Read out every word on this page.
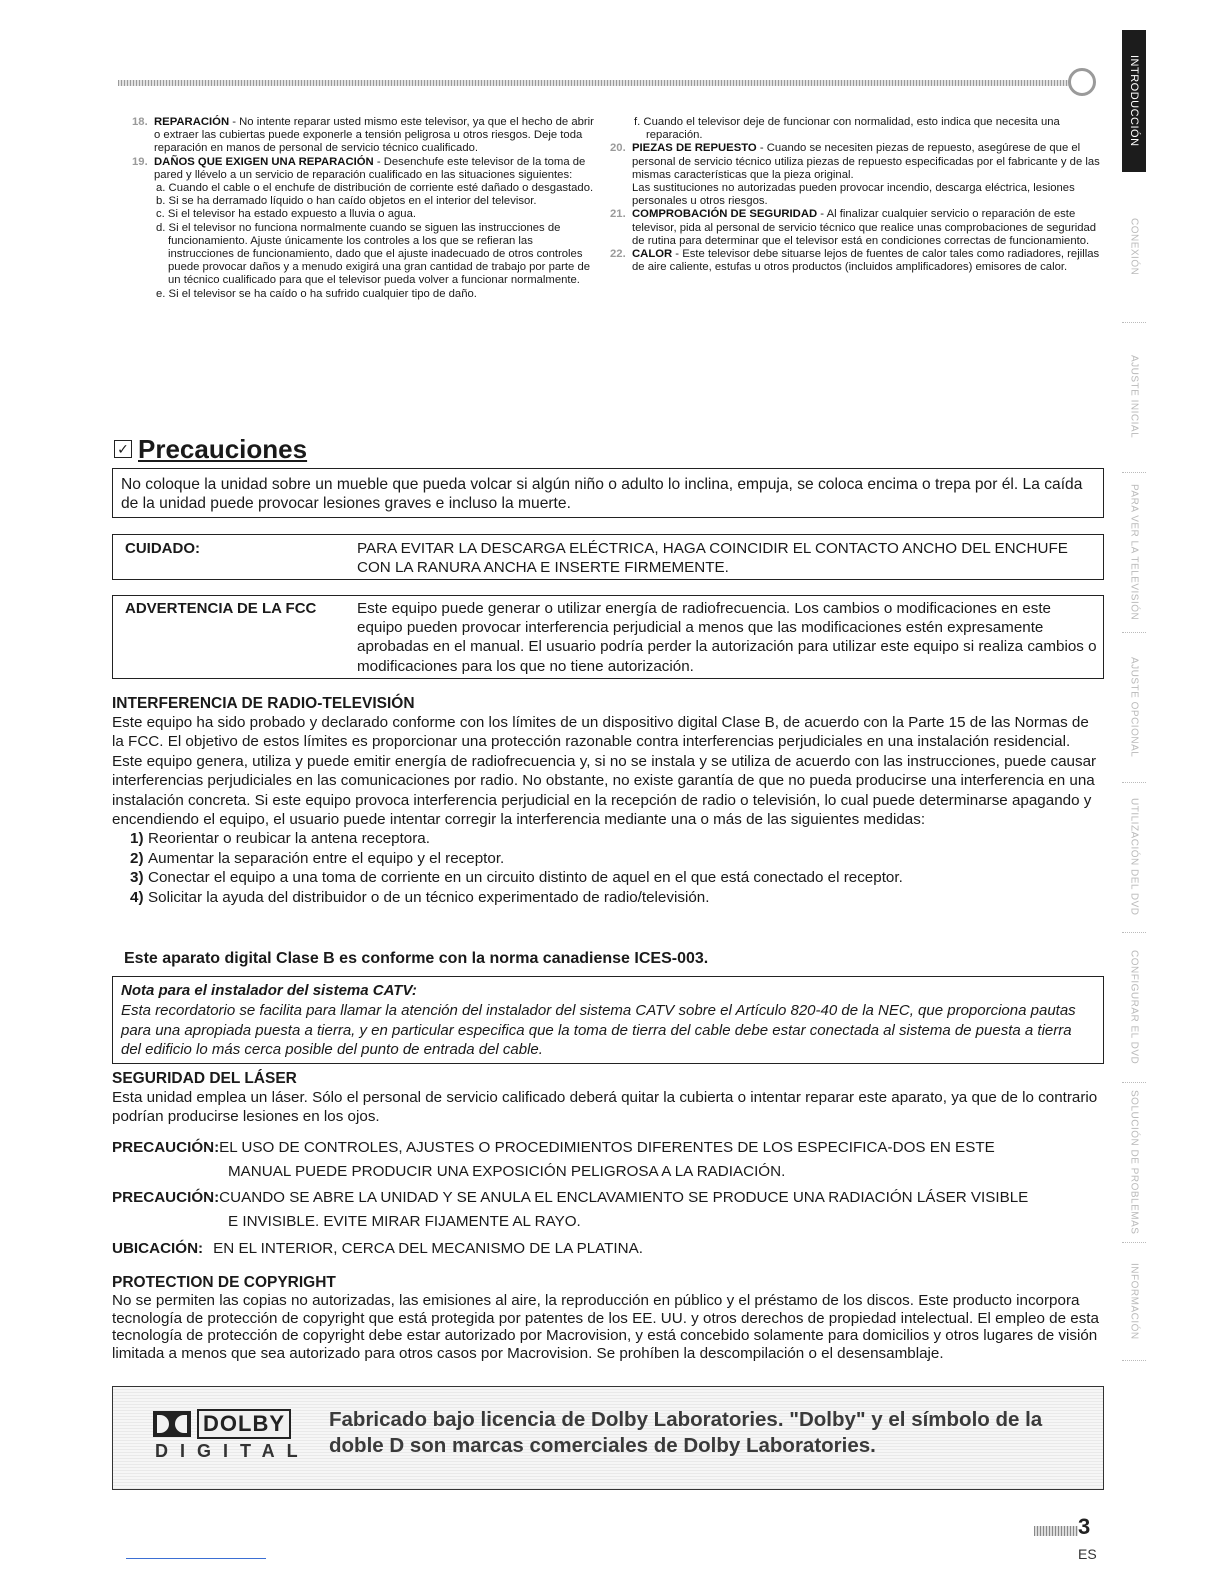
INTRODUCCIÓN
CONEXIÓN
AJUSTE INICIAL
PARA VER LA TELEVISIÓN
AJUSTE OPCIONAL
UTILIZACIÓN DEL DVD
CONFIGURAR EL DVD
SOLUCIÓN DE PROBLEMAS
INFORMACIÓN
18. REPARACIÓN - No intente reparar usted mismo este televisor, ya que el hecho de abrir o extraer las cubiertas puede exponerle a tensión peligrosa u otros riesgos. Deje toda reparación en manos de personal de servicio técnico cualificado.
19. DAÑOS QUE EXIGEN UNA REPARACIÓN - Desenchufe este televisor de la toma de pared y llévelo a un servicio de reparación cualificado en las situaciones siguientes:

a. Cuando el cable o el enchufe de distribución de corriente esté dañado o desgastado.

b. Si se ha derramado líquido o han caído objetos en el interior del televisor.

c. Si el televisor ha estado expuesto a lluvia o agua.

d. Si el televisor no funciona normalmente cuando se siguen las instrucciones de funcionamiento. Ajuste únicamente los controles a los que se refieran las instrucciones de funcionamiento, dado que el ajuste inadecuado de otros controles puede provocar daños y a menudo exigirá una gran cantidad de trabajo por parte de un técnico cualificado para que el televisor pueda volver a funcionar normalmente.

e. Si el televisor se ha caído o ha sufrido cualquier tipo de daño.

f. Cuando el televisor deje de funcionar con normalidad, esto indica que necesita una reparación.

20. PIEZAS DE REPUESTO - Cuando se necesiten piezas de repuesto, asegúrese de que el personal de servicio técnico utiliza piezas de repuesto especificadas por el fabricante y de las mismas características que la pieza original.

Las sustituciones no autorizadas pueden provocar incendio, descarga eléctrica, lesiones personales u otros riesgos.

21. COMPROBACIÓN DE SEGURIDAD - Al finalizar cualquier servicio o reparación de este televisor, pida al personal de servicio técnico que realice unas comprobaciones de seguridad de rutina para determinar que el televisor está en condiciones correctas de funcionamiento.
22. CALOR - Este televisor debe situarse lejos de fuentes de calor tales como radiadores, rejillas de aire caliente, estufas u otros productos (incluidos amplificadores) emisores de calor.
✓ Precauciones
No coloque la unidad sobre un mueble que pueda volcar si algún niño o adulto lo inclina, empuja, se coloca encima o trepa por él. La caída de la unidad puede provocar lesiones graves e incluso la muerte.
CUIDADO:	PARA EVITAR LA DESCARGA ELÉCTRICA, HAGA COINCIDIR EL CONTACTO ANCHO DEL ENCHUFE CON LA RANURA ANCHA E INSERTE FIRMEMENTE.
ADVERTENCIA DE LA FCC	Este equipo puede generar o utilizar energía de radiofrecuencia. Los cambios o modificaciones en este equipo pueden provocar interferencia perjudicial a menos que las modificaciones estén expresamente aprobadas en el manual. El usuario podría perder la autorización para utilizar este equipo si realiza cambios o modificaciones para los que no tiene autorización.
INTERFERENCIA DE RADIO-TELEVISIÓN
Este equipo ha sido probado y declarado conforme con los límites de un dispositivo digital Clase B, de acuerdo con la Parte 15 de las Normas de la FCC. El objetivo de estos límites es proporcionar una protección razonable contra interferencias perjudiciales en una instalación residencial. Este equipo genera, utiliza y puede emitir energía de radiofrecuencia y, si no se instala y se utiliza de acuerdo con las instrucciones, puede causar interferencias perjudiciales en las comunicaciones por radio. No obstante, no existe garantía de que no pueda producirse una interferencia en una instalación concreta. Si este equipo provoca interferencia perjudicial en la recepción de radio o televisión, lo cual puede determinarse apagando y encendiendo el equipo, el usuario puede intentar corregir la interferencia mediante una o más de las siguientes medidas:
1) Reorientar o reubicar la antena receptora.
2) Aumentar la separación entre el equipo y el receptor.
3) Conectar el equipo a una toma de corriente en un circuito distinto de aquel en el que está conectado el receptor.
4) Solicitar la ayuda del distribuidor o de un técnico experimentado de radio/televisión.
Este aparato digital Clase B es conforme con la norma canadiense ICES-003.
Nota para el instalador del sistema CATV:
Esta recordatorio se facilita para llamar la atención del instalador del sistema CATV sobre el Artículo 820-40 de la NEC, que proporciona pautas para una apropiada puesta a tierra, y en particular especifica que la toma de tierra del cable debe estar conectada al sistema de puesta a tierra del edificio lo más cerca posible del punto de entrada del cable.
SEGURIDAD DEL LÁSER
Esta unidad emplea un láser. Sólo el personal de servicio calificado deberá quitar la cubierta o intentar reparar este aparato, ya que de lo contrario podrían producirse lesiones en los ojos.
PRECAUCIÓN:EL USO DE CONTROLES, AJUSTES O PROCEDIMIENTOS DIFERENTES DE LOS ESPECIFICA-DOS EN ESTE
MANUAL PUEDE PRODUCIR UNA EXPOSICIÓN PELIGROSA A LA RADIACIÓN.
PRECAUCIÓN:CUANDO SE ABRE LA UNIDAD Y SE ANULA EL ENCLAVAMIENTO SE PRODUCE UNA RADIACIÓN LÁSER VISIBLE
E INVISIBLE. EVITE MIRAR FIJAMENTE AL RAYO.
UBICACIÓN: EN EL INTERIOR, CERCA DEL MECANISMO DE LA PLATINA.
PROTECTION DE COPYRIGHT
No se permiten las copias no autorizadas, las emisiones al aire, la reproducción en público y el préstamo de los discos. Este producto incorpora tecnología de protección de copyright que está protegida por patentes de los EE. UU. y otros derechos de propiedad intelectual. El empleo de esta tecnología de protección de copyright debe estar autorizado por Macrovision, y está concebido solamente para domicilios y otros lugares de visión limitada a menos que sea autorizado para otros casos por Macrovision. Se prohíben la descompilación o el desensamblaje.
DOLBY
DIGITAL
Fabricado bajo licencia de Dolby Laboratories. "Dolby" y el símbolo de la doble D son marcas comerciales de Dolby Laboratories.
3
ES
